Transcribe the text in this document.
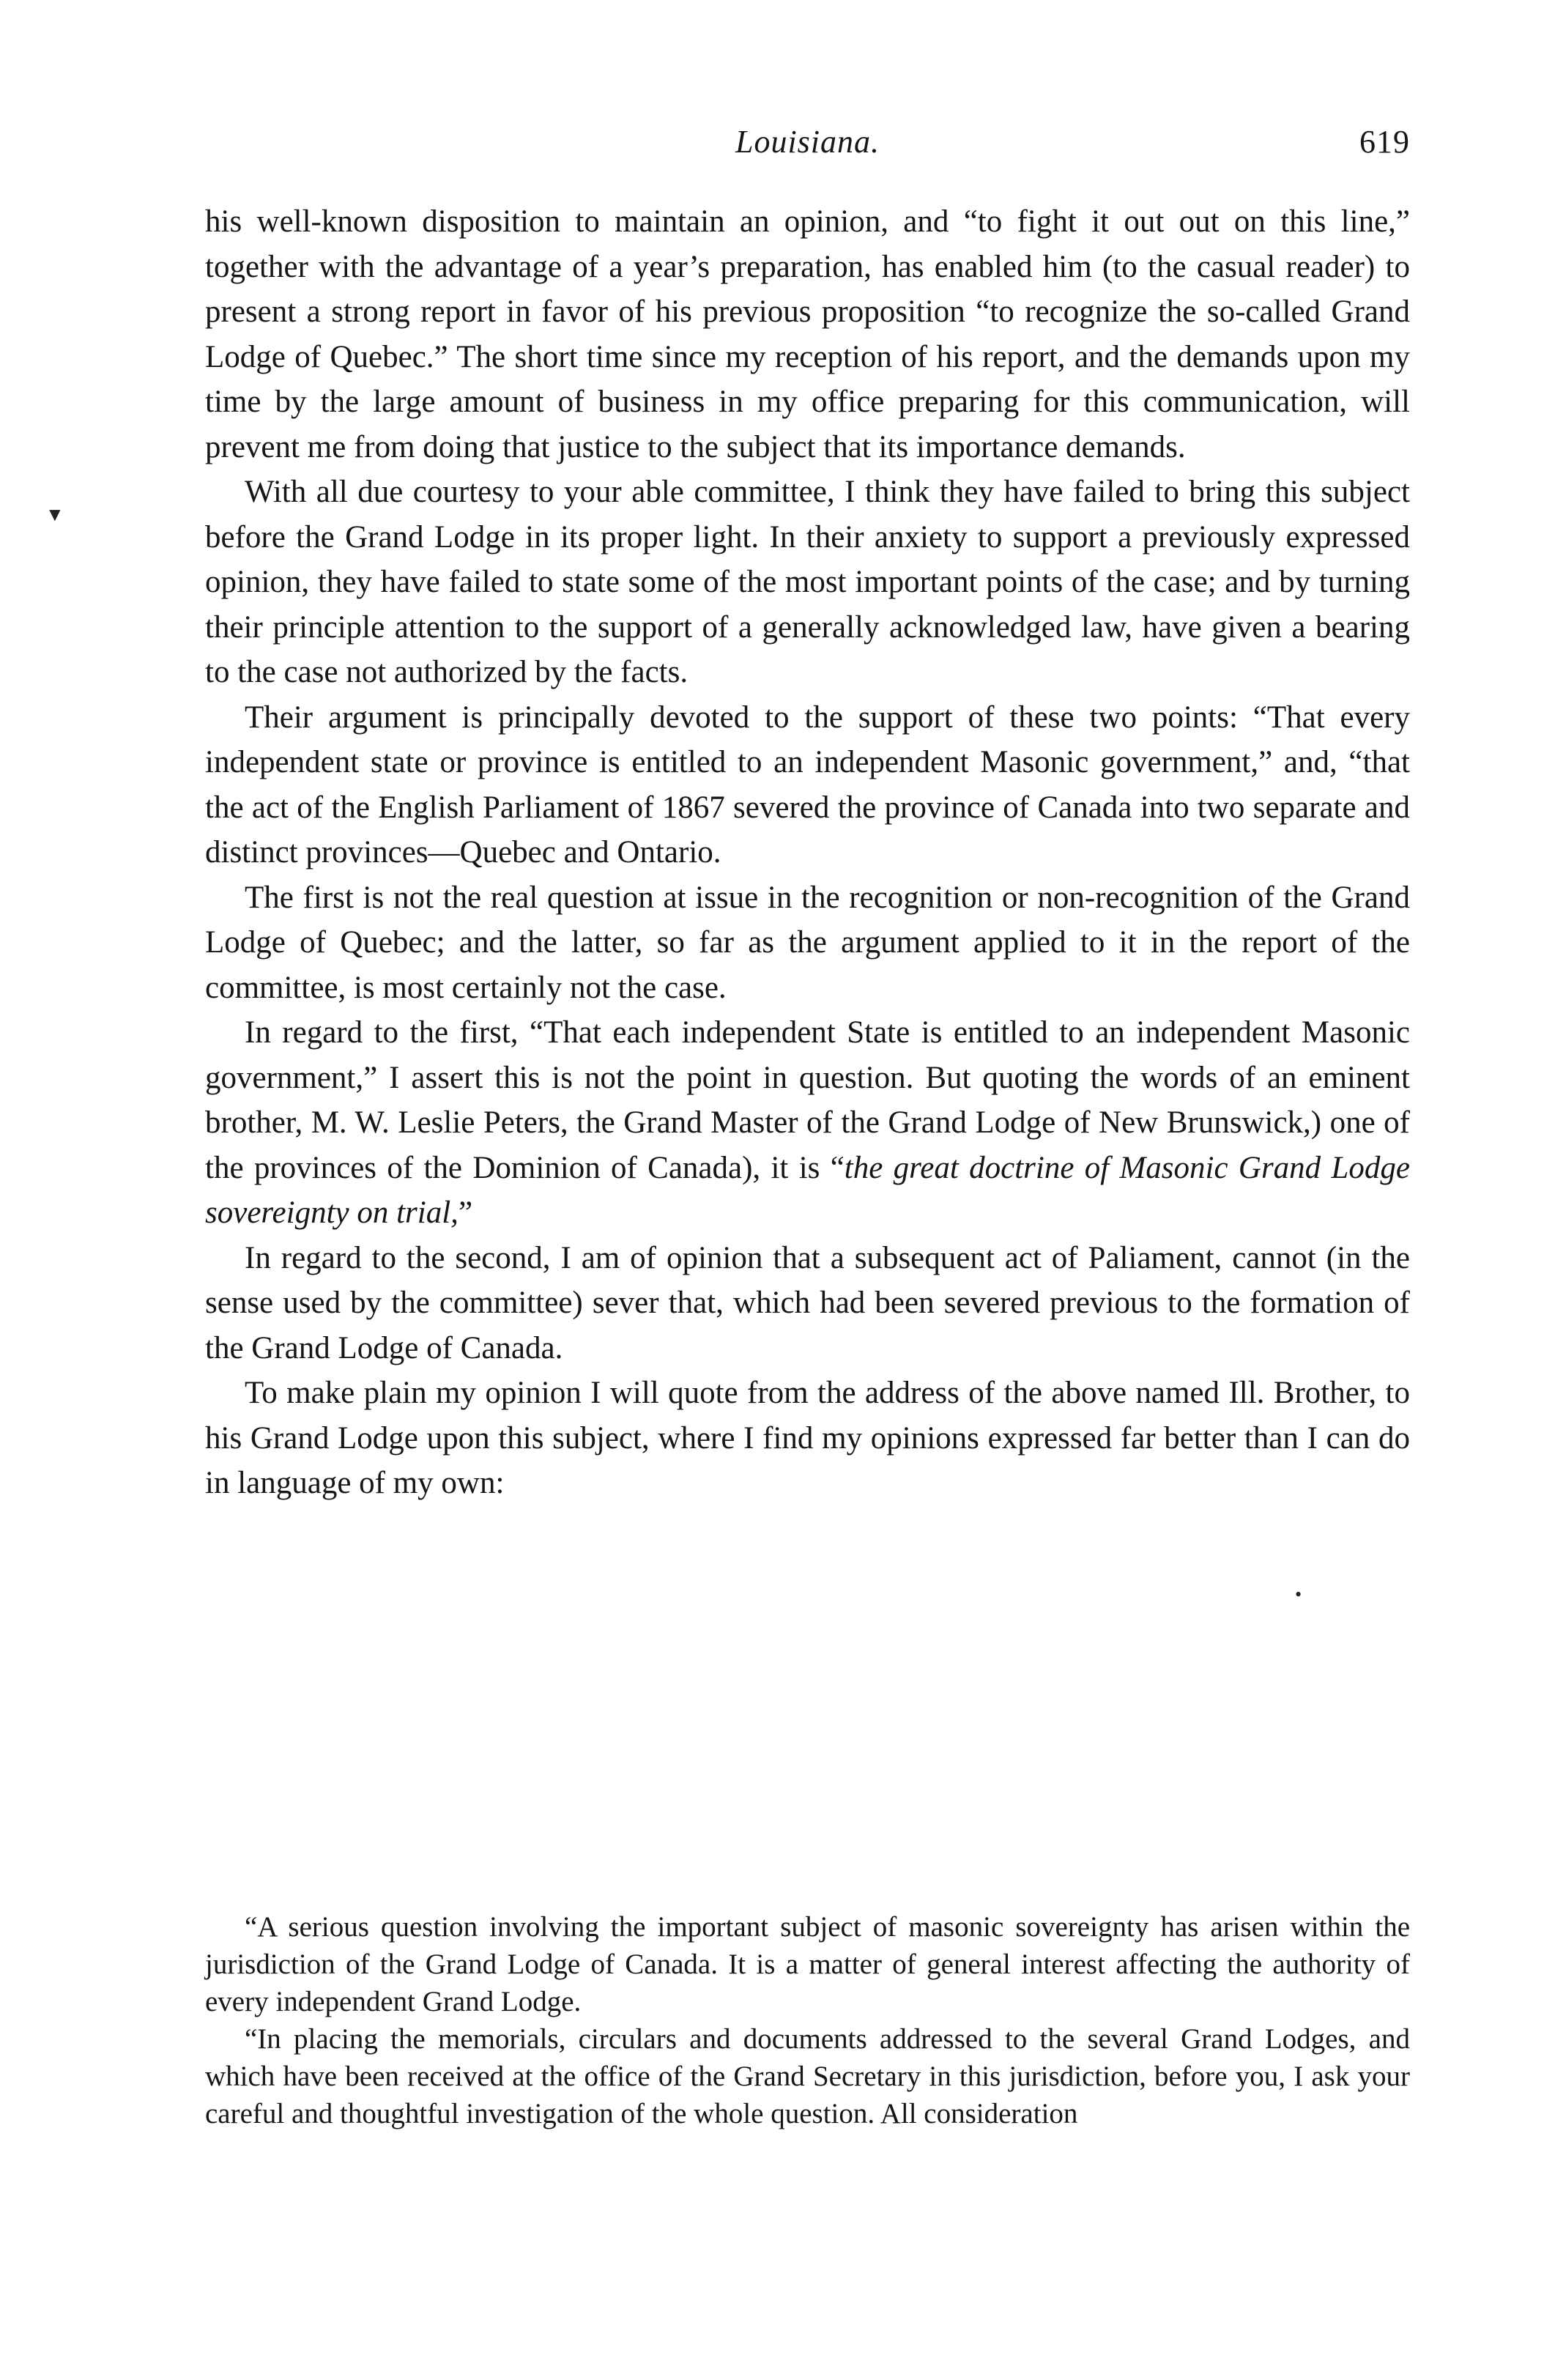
Louisiana.	619
▼
•

his well-known disposition to maintain an opinion, and “to fight it out out on this line,” together with the advantage of a year’s preparation, has enabled him (to the casual reader) to present a strong report in favor of his previous proposition “to recognize the so-called Grand Lodge of Quebec.” The short time since my reception of his report, and the demands upon my time by the large amount of business in my office preparing for this communication, will prevent me from doing that justice to the subject that its importance demands.

With all due courtesy to your able committee, I think they have failed to bring this subject before the Grand Lodge in its proper light. In their anxiety to support a previously expressed opinion, they have failed to state some of the most important points of the case; and by turning their principle attention to the support of a generally acknowledged law, have given a bearing to the case not authorized by the facts.

Their argument is principally devoted to the support of these two points: “That every independent state or province is entitled to an independent Masonic government,” and, “that the act of the English Parliament of 1867 severed the province of Canada into two separate and distinct provinces—Quebec and Ontario.

The first is not the real question at issue in the recognition or non-recognition of the Grand Lodge of Quebec; and the latter, so far as the argument applied to it in the report of the committee, is most certainly not the case.

In regard to the first, “That each independent State is entitled to an independent Masonic government,” I assert this is not the point in question. But quoting the words of an eminent brother, M. W. Leslie Peters, the Grand Master of the Grand Lodge of New Brunswick,) one of the provinces of the Dominion of Canada), it is “the great doctrine of Masonic Grand Lodge sovereignty on trial,”

In regard to the second, I am of opinion that a subsequent act of Paliament, cannot (in the sense used by the committee) sever that, which had been severed previous to the formation of the Grand Lodge of Canada.

To make plain my opinion I will quote from the address of the above named Ill. Brother, to his Grand Lodge upon this subject, where I find my opinions expressed far better than I can do in language of my own:

“A serious question involving the important subject of masonic sovereignty has arisen within the jurisdiction of the Grand Lodge of Canada. It is a matter of general interest affecting the authority of every independent Grand Lodge.

“In placing the memorials, circulars and documents addressed to the several Grand Lodges, and which have been received at the office of the Grand Secretary in this jurisdiction, before you, I ask your careful and thoughtful investigation of the whole question. All consideration
